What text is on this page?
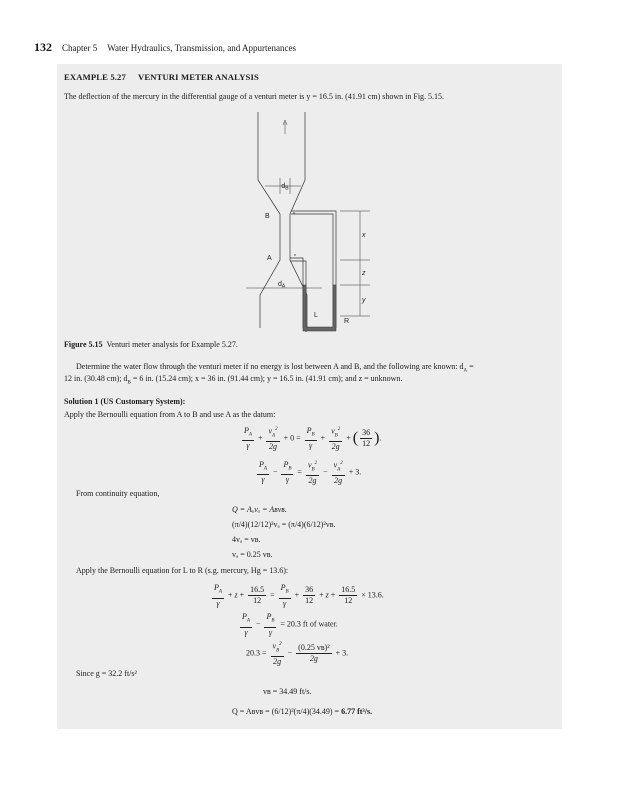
132 Chapter 5 Water Hydraulics, Transmission, and Appurtenances
EXAMPLE 5.27 VENTURI METER ANALYSIS
The deflection of the mercury in the differential gauge of a venturi meter is y = 16.5 in. (41.91 cm) shown in Fig. 5.15.
$d_B$
B
A
$d_A$
x
z
y
L
R
Figure 5.15 Venturi meter analysis for Example 5.27.
Determine the water flow through the venturi meter if no energy is lost between A and B, and the following are known: $d_A$ =
12 in. (30.48 cm); $d_B = 6$ in. (15.24 cm); x = 36 in. (91.44 cm); y = 16.5 in. (41.91 cm); and z = unknown.
Solution 1 (US Customary System):
Apply the Bernoulli equation from A to B and use A as the datum:
$\frac{P_A}{\gamma} + \frac{v_A^2}{2g} + 0 = \frac{P_B}{\gamma} + \frac{v_B^2}{2g}$ + ( $\frac{36}{12}$ ).
$\frac{P_A}{\gamma} - \frac{P_B}{\gamma} = \frac{v_B^2}{2g} - \frac{v_A^2}{2g} + 3$.
From continuity equation,
Q = Aₐvₐ = Aʙvʙ.
(π/4)(12/12)²vₐ = (π/4)(6/12)²vʙ.
4vₐ = vʙ.
vₐ = 0.25 vʙ.
Apply the Bernoulli equation for L to R (s.g. mercury, Hg = 13.6):
$\frac{P_A}{\gamma} + z + \frac{16.5}{12} = \frac{P_B}{\gamma} + \frac{36}{12} + z + \frac{16.5}{12} \times 13.6$.
$\frac{P_A}{\gamma} - \frac{P_B}{\gamma} = 20.3$ ft of water.
$20.3 = \frac{v_B^2}{2g} - \frac{\text{(0.25 vʙ)²}}{2g} + 3$.
Since g = 32.2 ft/s²
vʙ = 34.49 ft/s.
Q = Aʙvʙ = (6/12)²(π/4)(34.49) = 6.77 ft³/s.
